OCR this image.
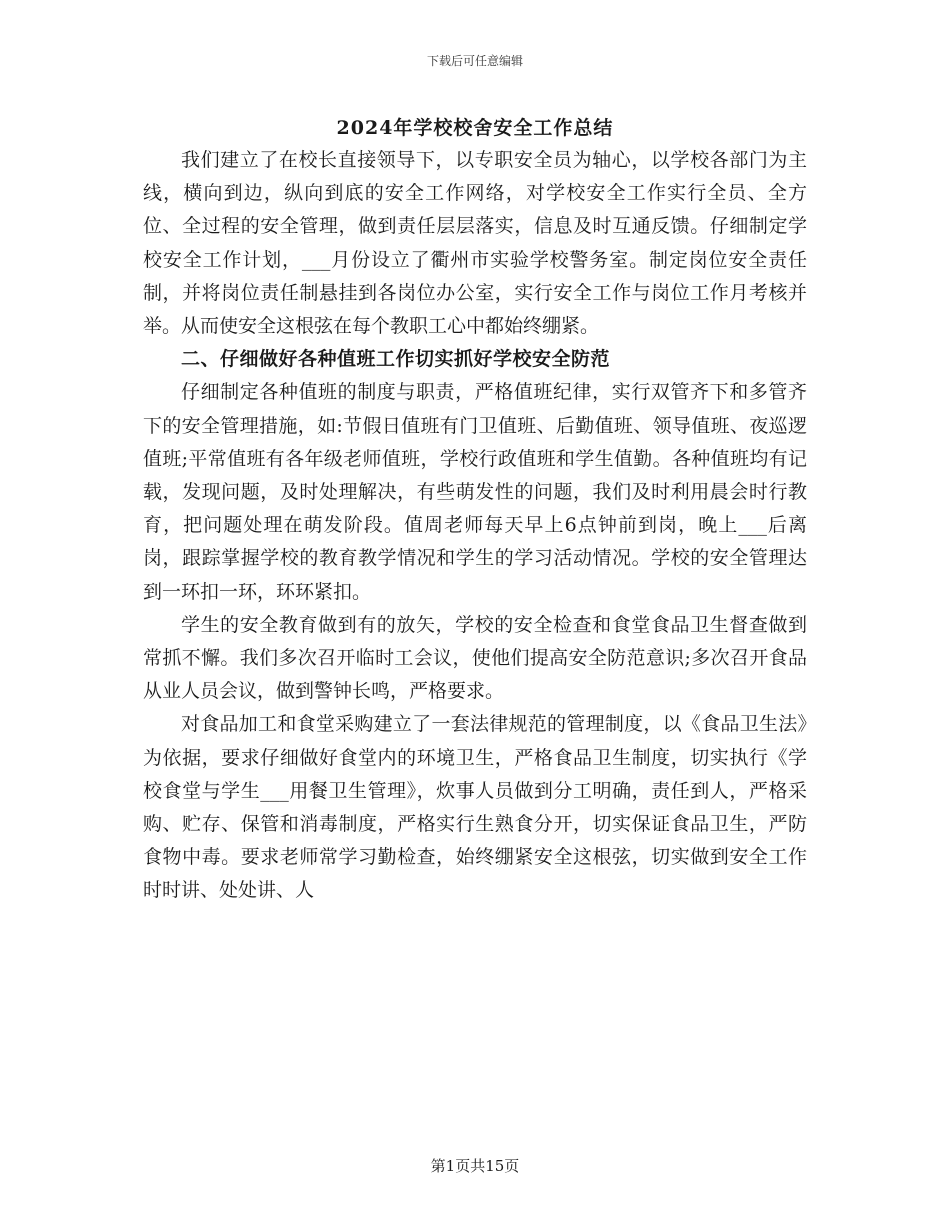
下载后可任意编辑
2024年学校校舍安全工作总结

我们建立了在校长直接领导下，以专职安全员为轴心，以学校各部门为主线，横向到边，纵向到底的安全工作网络，对学校安全工作实行全员、全方位、全过程的安全管理，做到责任层层落实，信息及时互通反馈。仔细制定学校安全工作计划，___月份设立了衢州市实验学校警务室。制定岗位安全责任制，并将岗位责任制悬挂到各岗位办公室，实行安全工作与岗位工作月考核并举。从而使安全这根弦在每个教职工心中都始终绷紧。

二、仔细做好各种值班工作切实抓好学校安全防范

仔细制定各种值班的制度与职责，严格值班纪律，实行双管齐下和多管齐下的安全管理措施，如:节假日值班有门卫值班、后勤值班、领导值班、夜巡逻值班;平常值班有各年级老师值班，学校行政值班和学生值勤。各种值班均有记载，发现问题，及时处理解决，有些萌发性的问题，我们及时利用晨会时行教育，把问题处理在萌发阶段。值周老师每天早上6点钟前到岗，晚上___后离岗，跟踪掌握学校的教育教学情况和学生的学习活动情况。学校的安全管理达到一环扣一环，环环紧扣。

学生的安全教育做到有的放矢，学校的安全检查和食堂食品卫生督查做到常抓不懈。我们多次召开临时工会议，使他们提高安全防范意识;多次召开食品从业人员会议，做到警钟长鸣，严格要求。

对食品加工和食堂采购建立了一套法律规范的管理制度，以《食品卫生法》为依据，要求仔细做好食堂内的环境卫生，严格食品卫生制度，切实执行《学校食堂与学生___用餐卫生管理》，炊事人员做到分工明确，责任到人，严格采购、贮存、保管和消毒制度，严格实行生熟食分开，切实保证食品卫生，严防食物中毒。要求老师常学习勤检查，始终绷紧安全这根弦，切实做到安全工作时时讲、处处讲、人

第1页共15页
